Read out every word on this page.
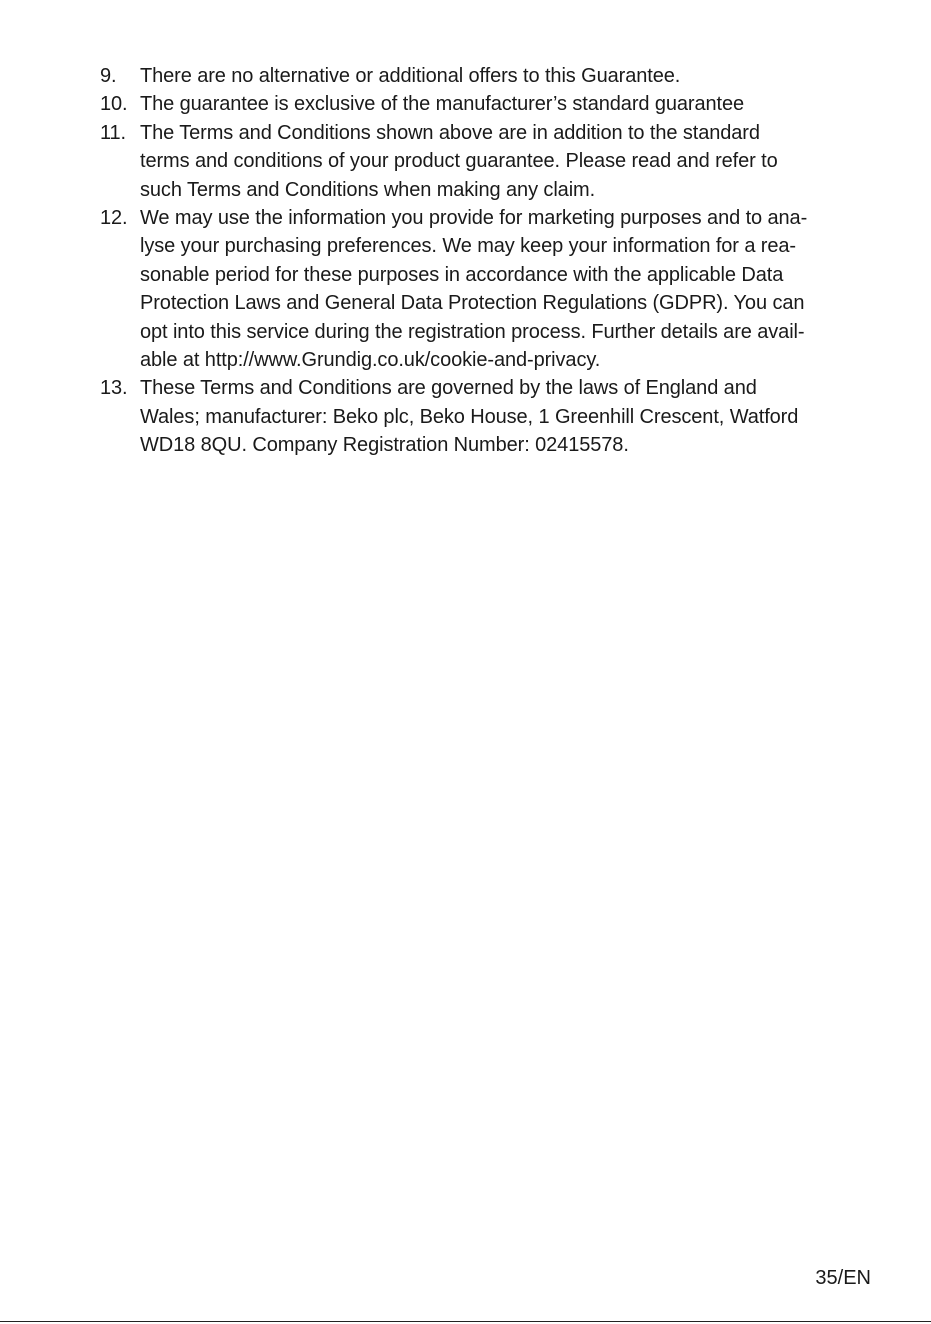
9.	There are no alternative or additional offers to this Guarantee.
10. The guarantee is exclusive of the manufacturer’s standard guarantee
11. The Terms and Conditions shown above are in addition to the standard
terms and conditions of your product guarantee. Please read and refer to
such Terms and Conditions when making any claim.
12. We may use the information you provide for marketing purposes and to ana-
lyse your purchasing preferences. We may keep your information for a rea-
sonable period for these purposes in accordance with the applicable Data
Protection Laws and General Data Protection Regulations (GDPR). You can
opt into this service during the registration process. Further details are avail-
able at http://www.Grundig.co.uk/cookie-and-privacy.
13. These Terms and Conditions are governed by the laws of England and
Wales; manufacturer: Beko plc, Beko House, 1 Greenhill Crescent, Watford
WD18 8QU. Company Registration Number: 02415578.
35/EN
